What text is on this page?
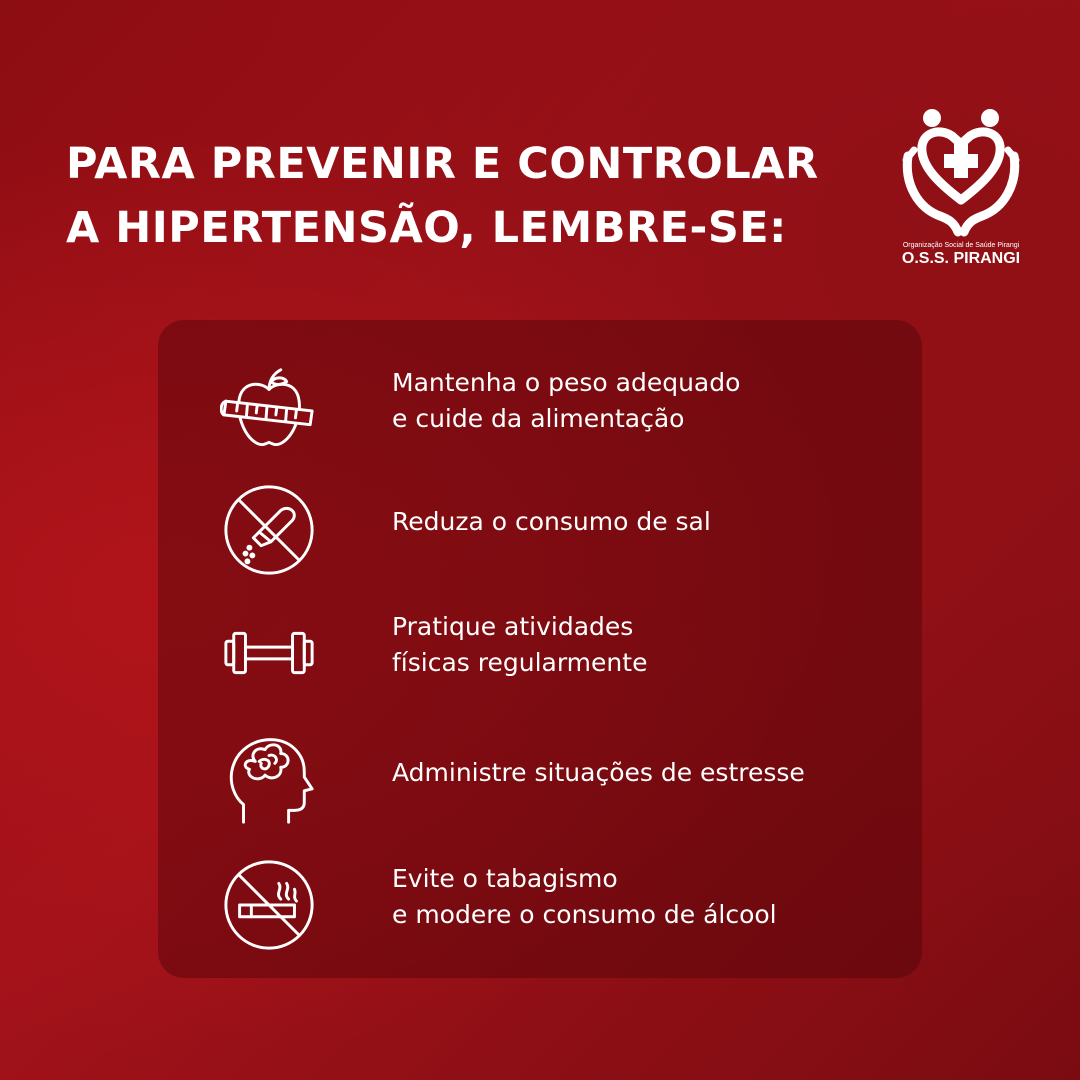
PARA PREVENIR E CONTROLAR
A HIPERTENSÃO, LEMBRE-SE:	Organização Social de Saúde Pirangi
O.S.S. PIRANGI
Mantenha o peso adequado
e cuide da alimentação
Reduza o consumo de sal
Pratique atividades
físicas regularmente
Administre situações de estresse
Evite o tabagismo
e modere o consumo de álcool
